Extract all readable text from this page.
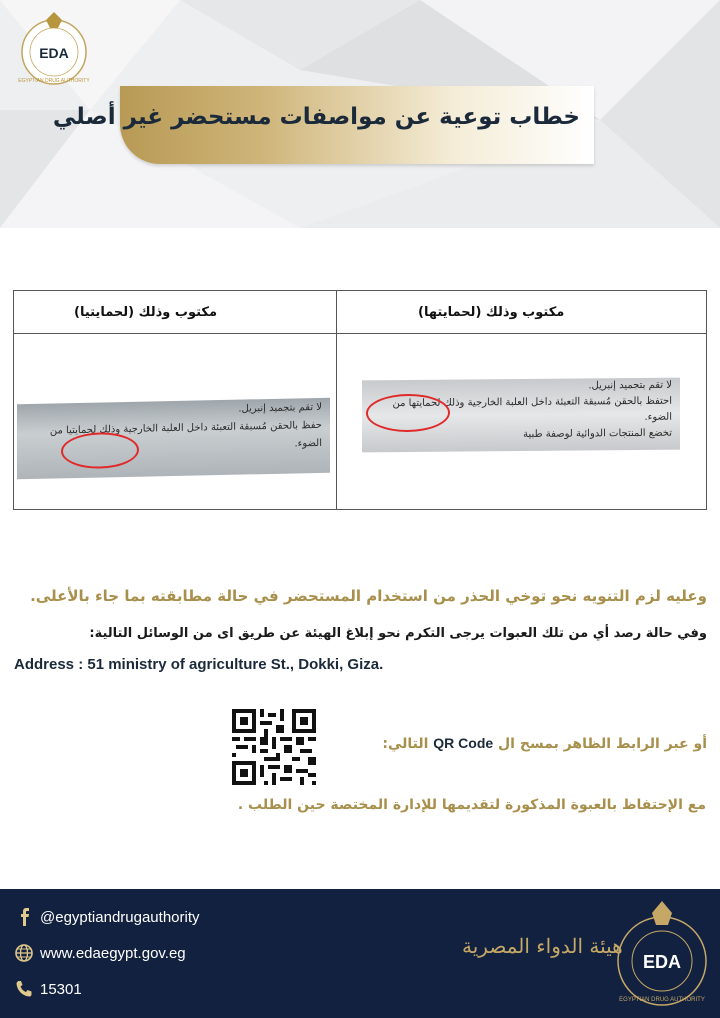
EDA
EGYPTIAN DRUG AUTHORITY
خطاب توعية عن مواصفات مستحضر غير أصلي
مكتوب وذلك (لحمايتيا)	مكتوب وذلك (لحمايتها)
لا تقم بتجميد إنبريل.
حفظ بالحقن مُسبقة التعبئة داخل العلبة الخارجية وذلك لحمايتيا من
الضوء.
لا تقم بتجميد إنبريل.
احتفظ بالحقن مُسبقة التعبئة داخل العلبة الخارجية وذلك لحمايتها من
الضوء.
تخضع المنتجات الدوائية لوصفة طبية
وعليه لزم التنويه نحو توخي الحذر من استخدام المستحضر في حالة مطابقته بما جاء بالأعلى.
وفي حالة رصد أي من تلك العبوات يرجى التكرم نحو إبلاغ الهيئة عن طريق اى من الوسائل التالية:
Address : 51 ministry of agriculture St., Dokki, Giza.
أو عبر الرابط الظاهر بمسح ال QR Code التالي:
مع الإحتفاظ بالعبوة المذكورة لتقديمها للإدارة المختصة حين الطلب .
@egyptiandrugauthority
www.edaegypt.gov.eg
15301
هيئة الدواء المصرية
EDA
EGYPTIAN DRUG AUTHORITY
